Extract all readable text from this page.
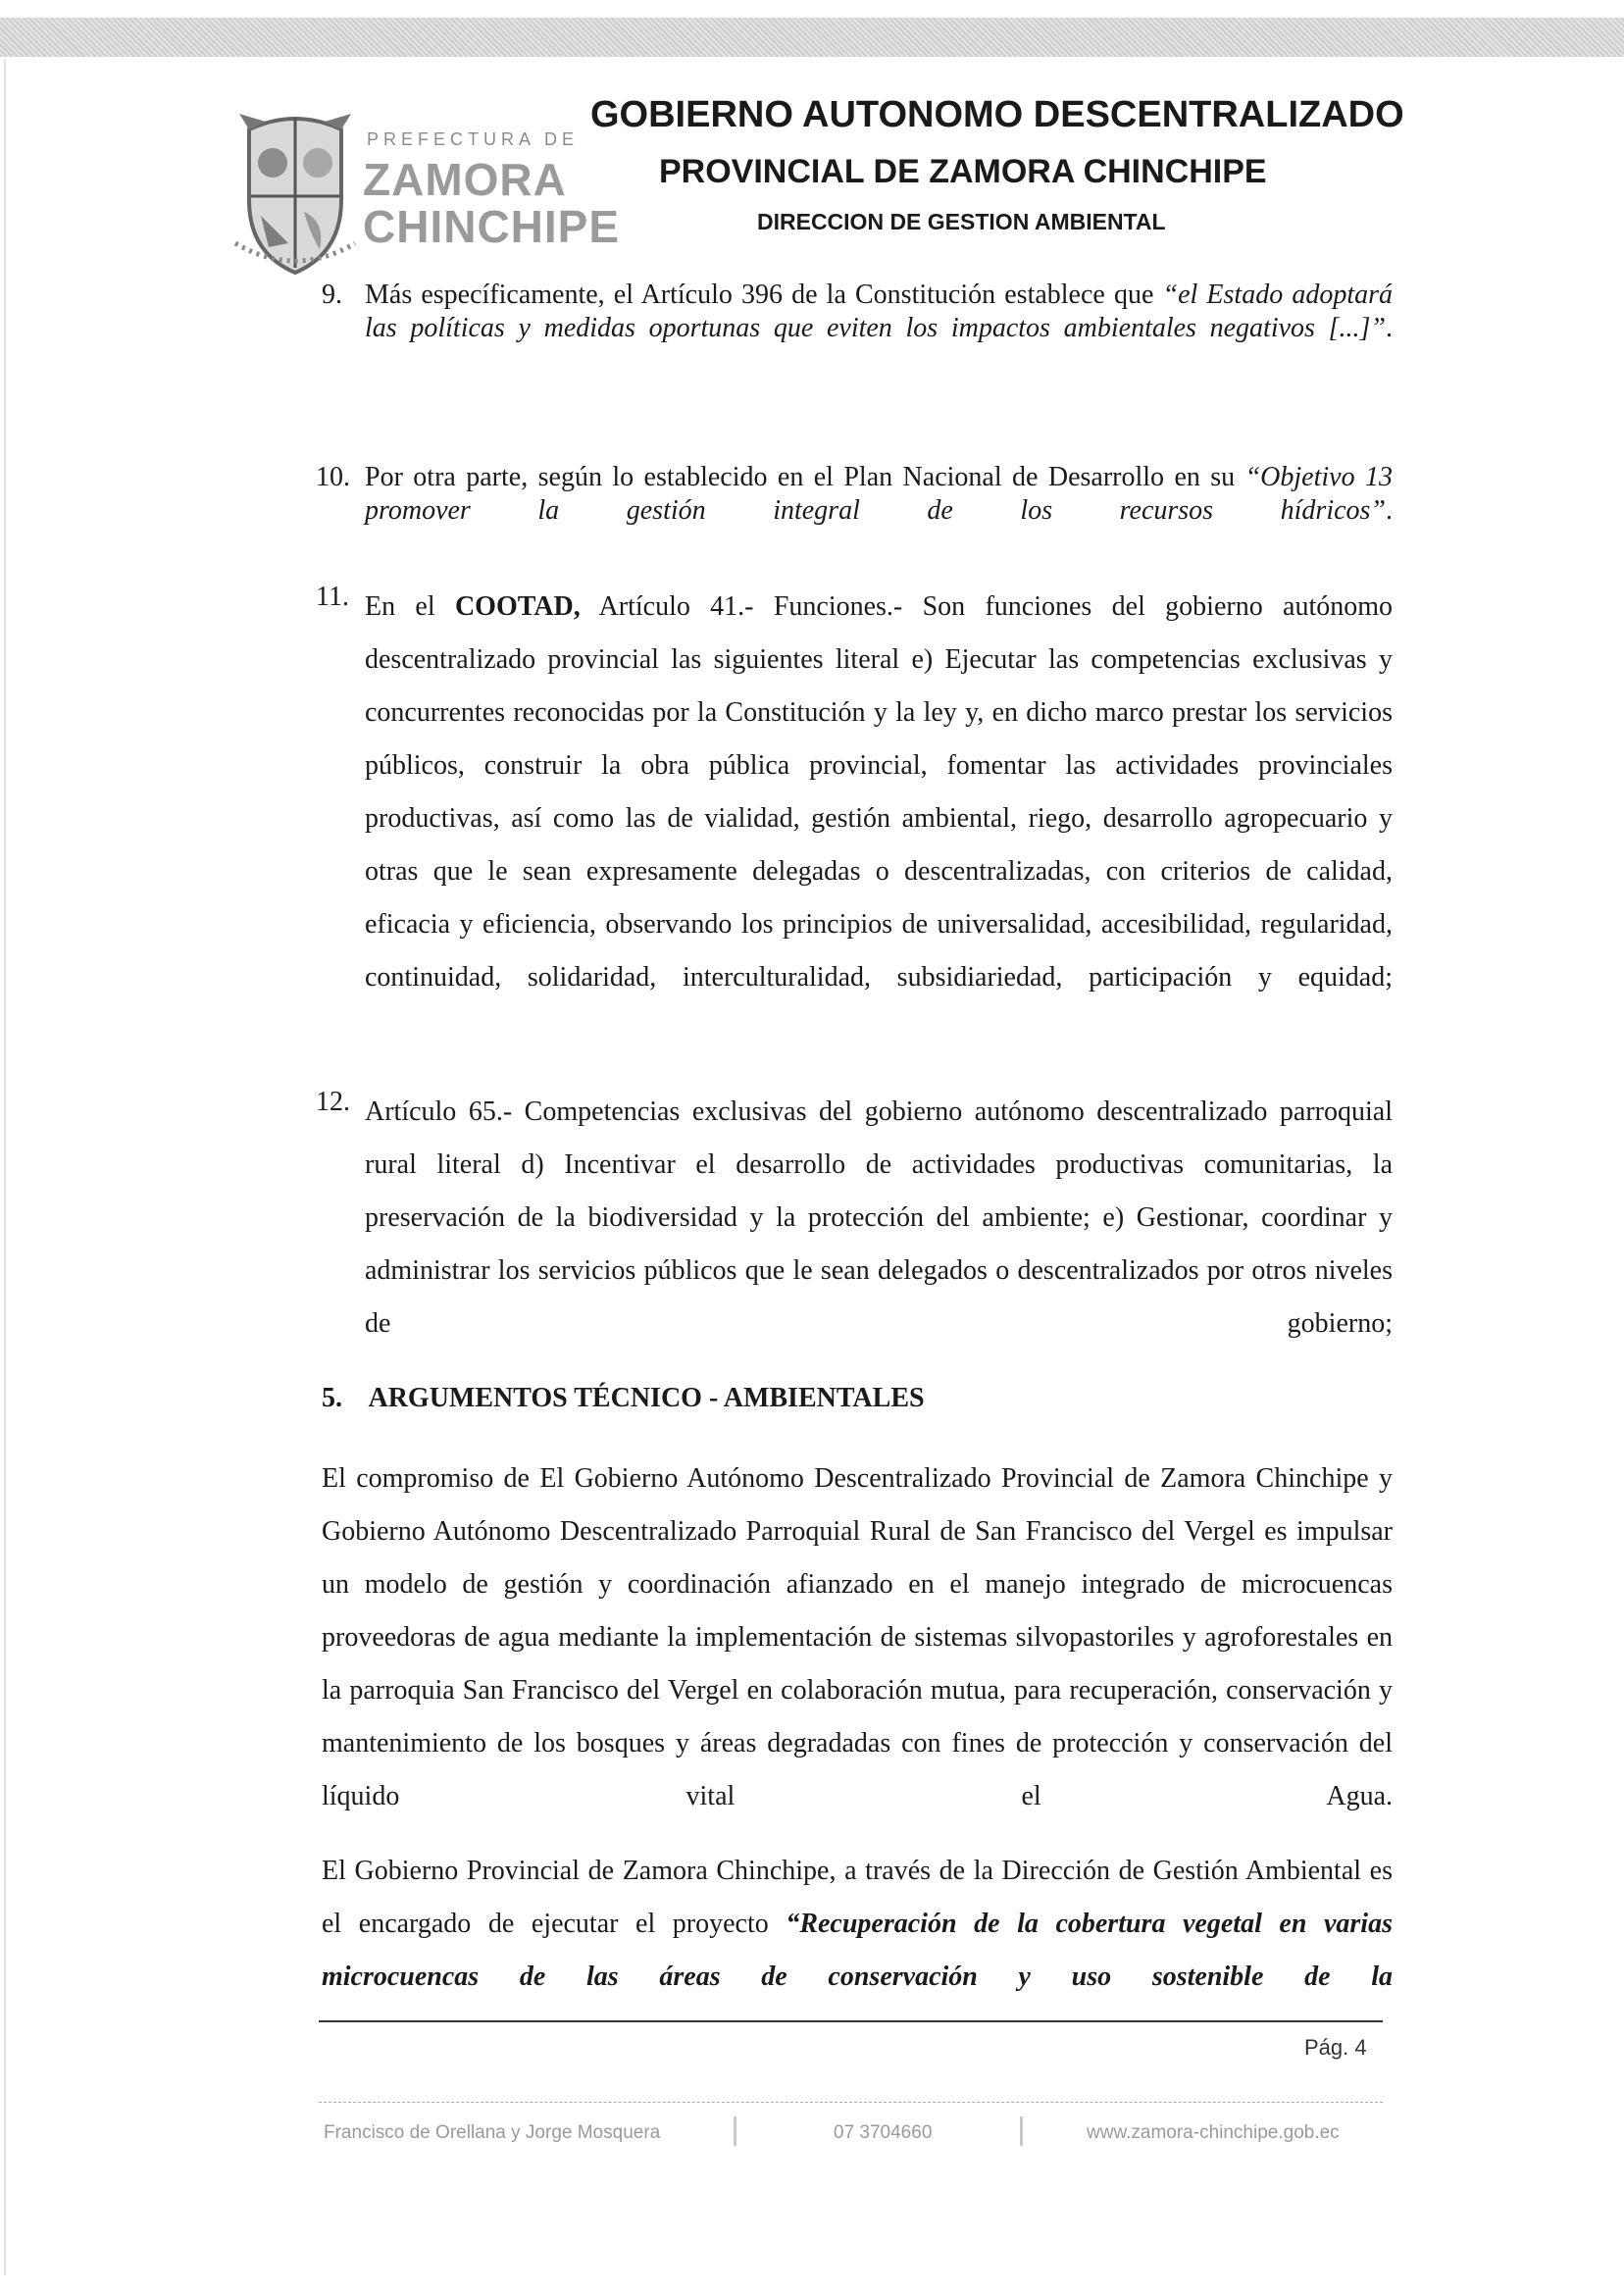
PREFECTURA DE
ZAMORA
CHINCHIPE
GOBIERNO AUTONOMO DESCENTRALIZADO
PROVINCIAL DE ZAMORA CHINCHIPE
DIRECCION DE GESTION AMBIENTAL
9. Más específicamente, el Artículo 396 de la Constitución establece que “el Estado adoptará las políticas y medidas oportunas que eviten los impactos ambientales negativos [...]”.
10. Por otra parte, según lo establecido en el Plan Nacional de Desarrollo en su “Objetivo 13 promover la gestión integral de los recursos hídricos”.
11. En el COOTAD, Artículo 41.- Funciones.- Son funciones del gobierno autónomo descentralizado provincial las siguientes literal e) Ejecutar las competencias exclusivas y concurrentes reconocidas por la Constitución y la ley y, en dicho marco prestar los servicios públicos, construir la obra pública provincial, fomentar las actividades provinciales productivas, así como las de vialidad, gestión ambiental, riego, desarrollo agropecuario y otras que le sean expresamente delegadas o descentralizadas, con criterios de calidad, eficacia y eficiencia, observando los principios de universalidad, accesibilidad, regularidad, continuidad, solidaridad, interculturalidad, subsidiariedad, participación y equidad;
12. Artículo 65.- Competencias exclusivas del gobierno autónomo descentralizado parroquial rural literal d) Incentivar el desarrollo de actividades productivas comunitarias, la preservación de la biodiversidad y la protección del ambiente; e) Gestionar, coordinar y administrar los servicios públicos que le sean delegados o descentralizados por otros niveles de gobierno;
5. ARGUMENTOS TÉCNICO - AMBIENTALES
El compromiso de El Gobierno Autónomo Descentralizado Provincial de Zamora Chinchipe y Gobierno Autónomo Descentralizado Parroquial Rural de San Francisco del Vergel es impulsar un modelo de gestión y coordinación afianzado en el manejo integrado de microcuencas proveedoras de agua mediante la implementación de sistemas silvopastoriles y agroforestales en la parroquia San Francisco del Vergel en colaboración mutua, para recuperación, conservación y mantenimiento de los bosques y áreas degradadas con fines de protección y conservación del líquido vital el Agua.
El Gobierno Provincial de Zamora Chinchipe, a través de la Dirección de Gestión Ambiental es el encargado de ejecutar el proyecto “Recuperación de la cobertura vegetal en varias microcuencas de las áreas de conservación y uso sostenible de la
Pág. 4
Francisco de Orellana y Jorge Mosquera	07 3704660	www.zamora-chinchipe.gob.ec
